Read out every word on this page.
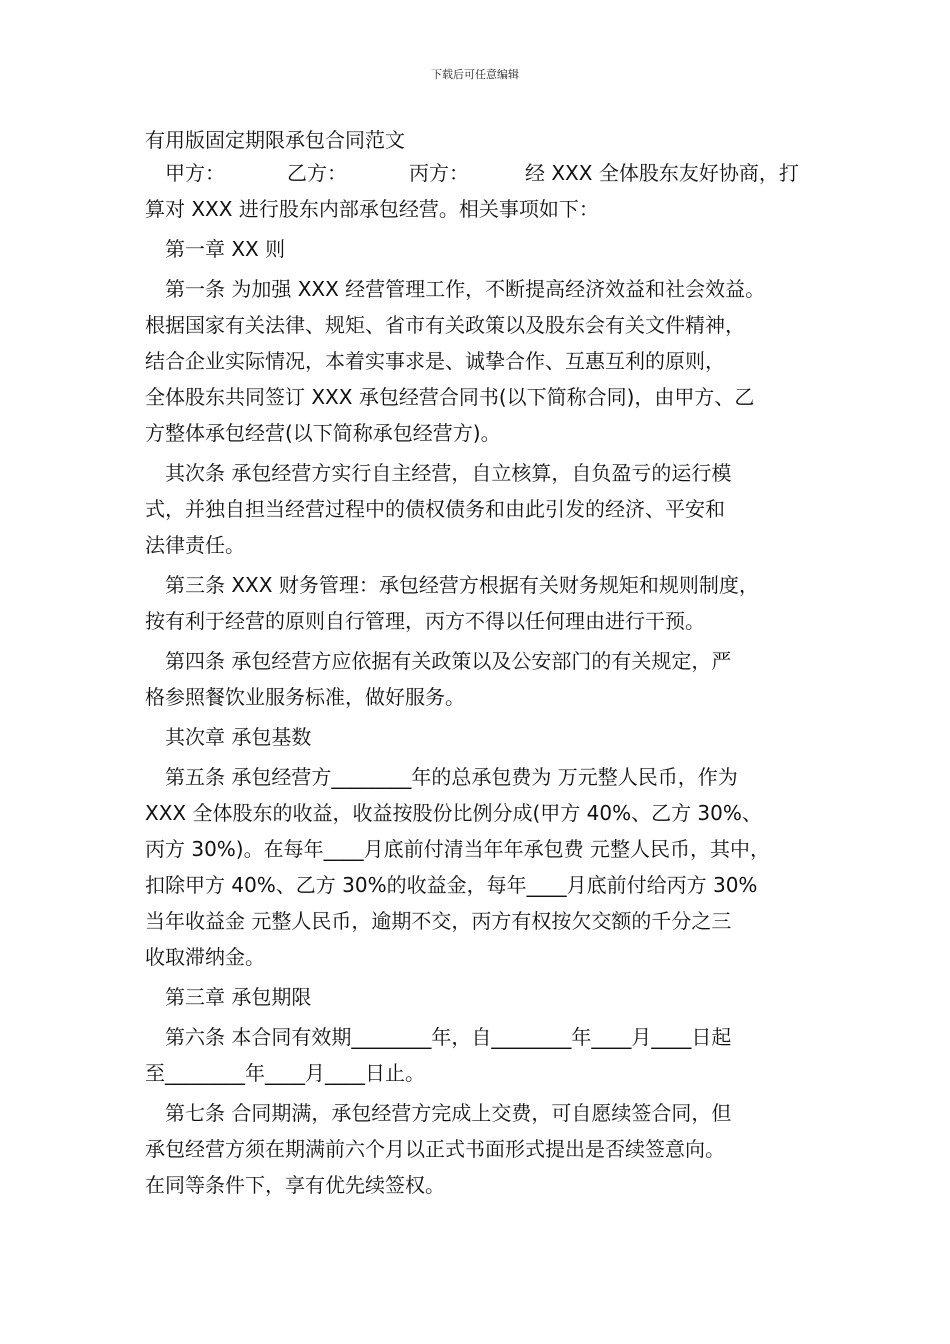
下载后可任意编辑
有用版固定期限承包合同范文

甲方：	乙方：	丙方：	经 XXX 全体股东友好协商，打
算对 XXX 进行股东内部承包经营。相关事项如下：

第一章 XX 则

第一条 为加强 XXX 经营管理工作，不断提高经济效益和社会效益。
根据国家有关法律、规矩、省市有关政策以及股东会有关文件精神，
结合企业实际情况，本着实事求是、诚挚合作、互惠互利的原则，
全体股东共同签订 XXX 承包经营合同书(以下简称合同)，由甲方、乙
方整体承包经营(以下简称承包经营方)。

其次条 承包经营方实行自主经营，自立核算，自负盈亏的运行模
式，并独自担当经营过程中的债权债务和由此引发的经济、平安和
法律责任。

第三条 XXX 财务管理：承包经营方根据有关财务规矩和规则制度，
按有利于经营的原则自行管理，丙方不得以任何理由进行干预。

第四条 承包经营方应依据有关政策以及公安部门的有关规定，严
格参照餐饮业服务标准，做好服务。

其次章 承包基数

第五条 承包经营方________年的总承包费为 万元整人民币，作为
XXX 全体股东的收益，收益按股份比例分成(甲方 40%、乙方 30%、
丙方 30%)。在每年____月底前付清当年年承包费 元整人民币，其中，
扣除甲方 40%、乙方 30%的收益金，每年____月底前付给丙方 30%
当年收益金 元整人民币，逾期不交，丙方有权按欠交额的千分之三
收取滞纳金。

第三章 承包期限

第六条 本合同有效期________年，自________年____月____日起
至________年____月____日止。

第七条 合同期满，承包经营方完成上交费，可自愿续签合同，但
承包经营方须在期满前六个月以正式书面形式提出是否续签意向。
在同等条件下，享有优先续签权。
